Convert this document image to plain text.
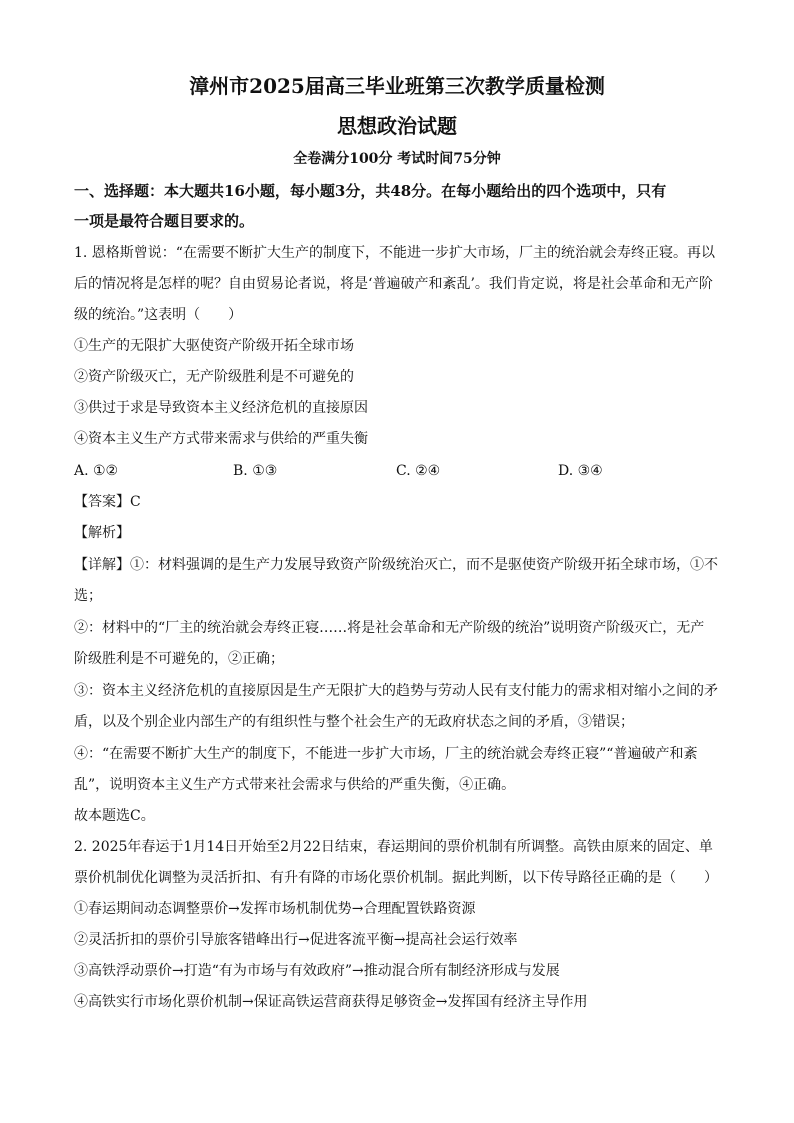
漳州市2025届高三毕业班第三次教学质量检测
思想政治试题
全卷满分100分 考试时间75分钟
一、选择题：本大题共16小题，每小题3分，共48分。在每小题给出的四个选项中，只有
一项是最符合题目要求的。
1. 恩格斯曾说：“在需要不断扩大生产的制度下，不能进一步扩大市场，厂主的统治就会寿终正寝。再以
后的情况将是怎样的呢？自由贸易论者说，将是‘普遍破产和紊乱’。我们肯定说，将是社会革命和无产阶
级的统治。”这表明（　　）
①生产的无限扩大驱使资产阶级开拓全球市场
②资产阶级灭亡，无产阶级胜利是不可避免的
③供过于求是导致资本主义经济危机的直接原因
④资本主义生产方式带来需求与供给的严重失衡
A. ①②	B. ①③	C. ②④	D. ③④
【答案】C
【解析】
【详解】①：材料强调的是生产力发展导致资产阶级统治灭亡，而不是驱使资产阶级开拓全球市场，①不
选；
②：材料中的“厂主的统治就会寿终正寝……将是社会革命和无产阶级的统治”说明资产阶级灭亡，无产
阶级胜利是不可避免的，②正确；
③：资本主义经济危机的直接原因是生产无限扩大的趋势与劳动人民有支付能力的需求相对缩小之间的矛
盾，以及个别企业内部生产的有组织性与整个社会生产的无政府状态之间的矛盾，③错误；
④：“在需要不断扩大生产的制度下，不能进一步扩大市场，厂主的统治就会寿终正寝”“普遍破产和紊
乱”，说明资本主义生产方式带来社会需求与供给的严重失衡，④正确。
故本题选C。
2. 2025年春运于1月14日开始至2月22日结束，春运期间的票价机制有所调整。高铁由原来的固定、单
票价机制优化调整为灵活折扣、有升有降的市场化票价机制。据此判断，以下传导路径正确的是（　　）
①春运期间动态调整票价→发挥市场机制优势→合理配置铁路资源
②灵活折扣的票价引导旅客错峰出行→促进客流平衡→提高社会运行效率
③高铁浮动票价→打造“有为市场与有效政府”→推动混合所有制经济形成与发展
④高铁实行市场化票价机制→保证高铁运营商获得足够资金→发挥国有经济主导作用
